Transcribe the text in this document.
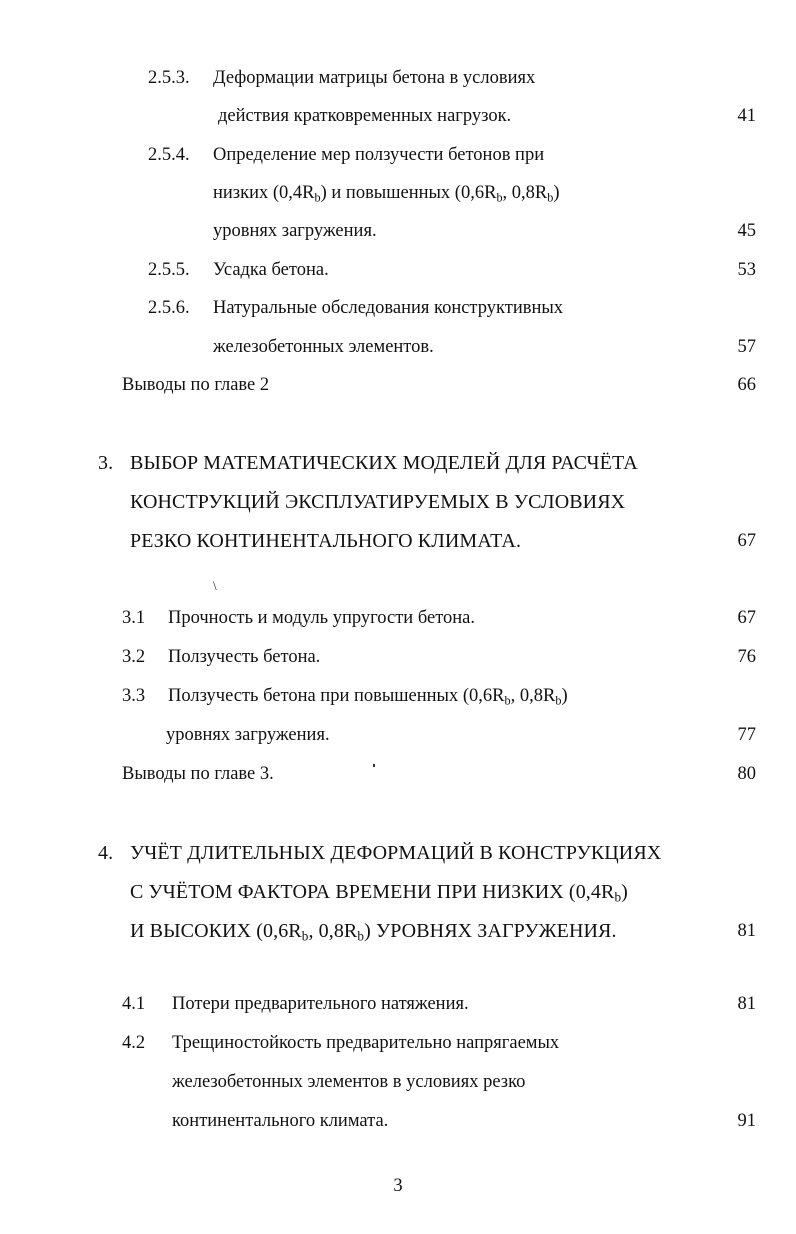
2.5.3. Деформации матрицы бетона в условиях
действия кратковременных нагрузок.	41
2.5.4. Определение мер ползучести бетонов при
низких $(0,4R_b)$ и повышенных ($0,6R_b$, $0,8R_b$)
уровнях загружения.	45
2.5.5. Усадка бетона.	53
2.5.6. Натуральные обследования конструктивных
железобетонных элементов.	57
Выводы по главе 2	66
3. ВЫБОР МАТЕМАТИЧЕСКИХ МОДЕЛЕЙ ДЛЯ РАСЧЁТА
КОНСТРУКЦИЙ ЭКСПЛУАТИРУЕМЫХ В УСЛОВИЯХ
РЕЗКО КОНТИНЕНТАЛЬНОГО КЛИМАТА.	67
\
3.1 Прочность и модуль упругости бетона.	67
3.2 Ползучесть бетона.	76
3.3 Ползучесть бетона при повышенных ($0,6R_b$, $0,8R_b$)
уровнях загружения.	77
Выводы по главе 3.	80
4. УЧЁТ ДЛИТЕЛЬНЫХ ДЕФОРМАЦИЙ В КОНСТРУКЦИЯХ
С УЧЁТОМ ФАКТОРА ВРЕМЕНИ ПРИ НИЗКИХ $(0,4R_b)$
И ВЫСОКИХ ($0,6R_b$, $0,8R_b$) УРОВНЯХ ЗАГРУЖЕНИЯ.	81
4.1 Потери предварительного натяжения.	81
4.2 Трещиностойкость предварительно напрягаемых
железобетонных элементов в условиях резко
континентального климата.	91
3
